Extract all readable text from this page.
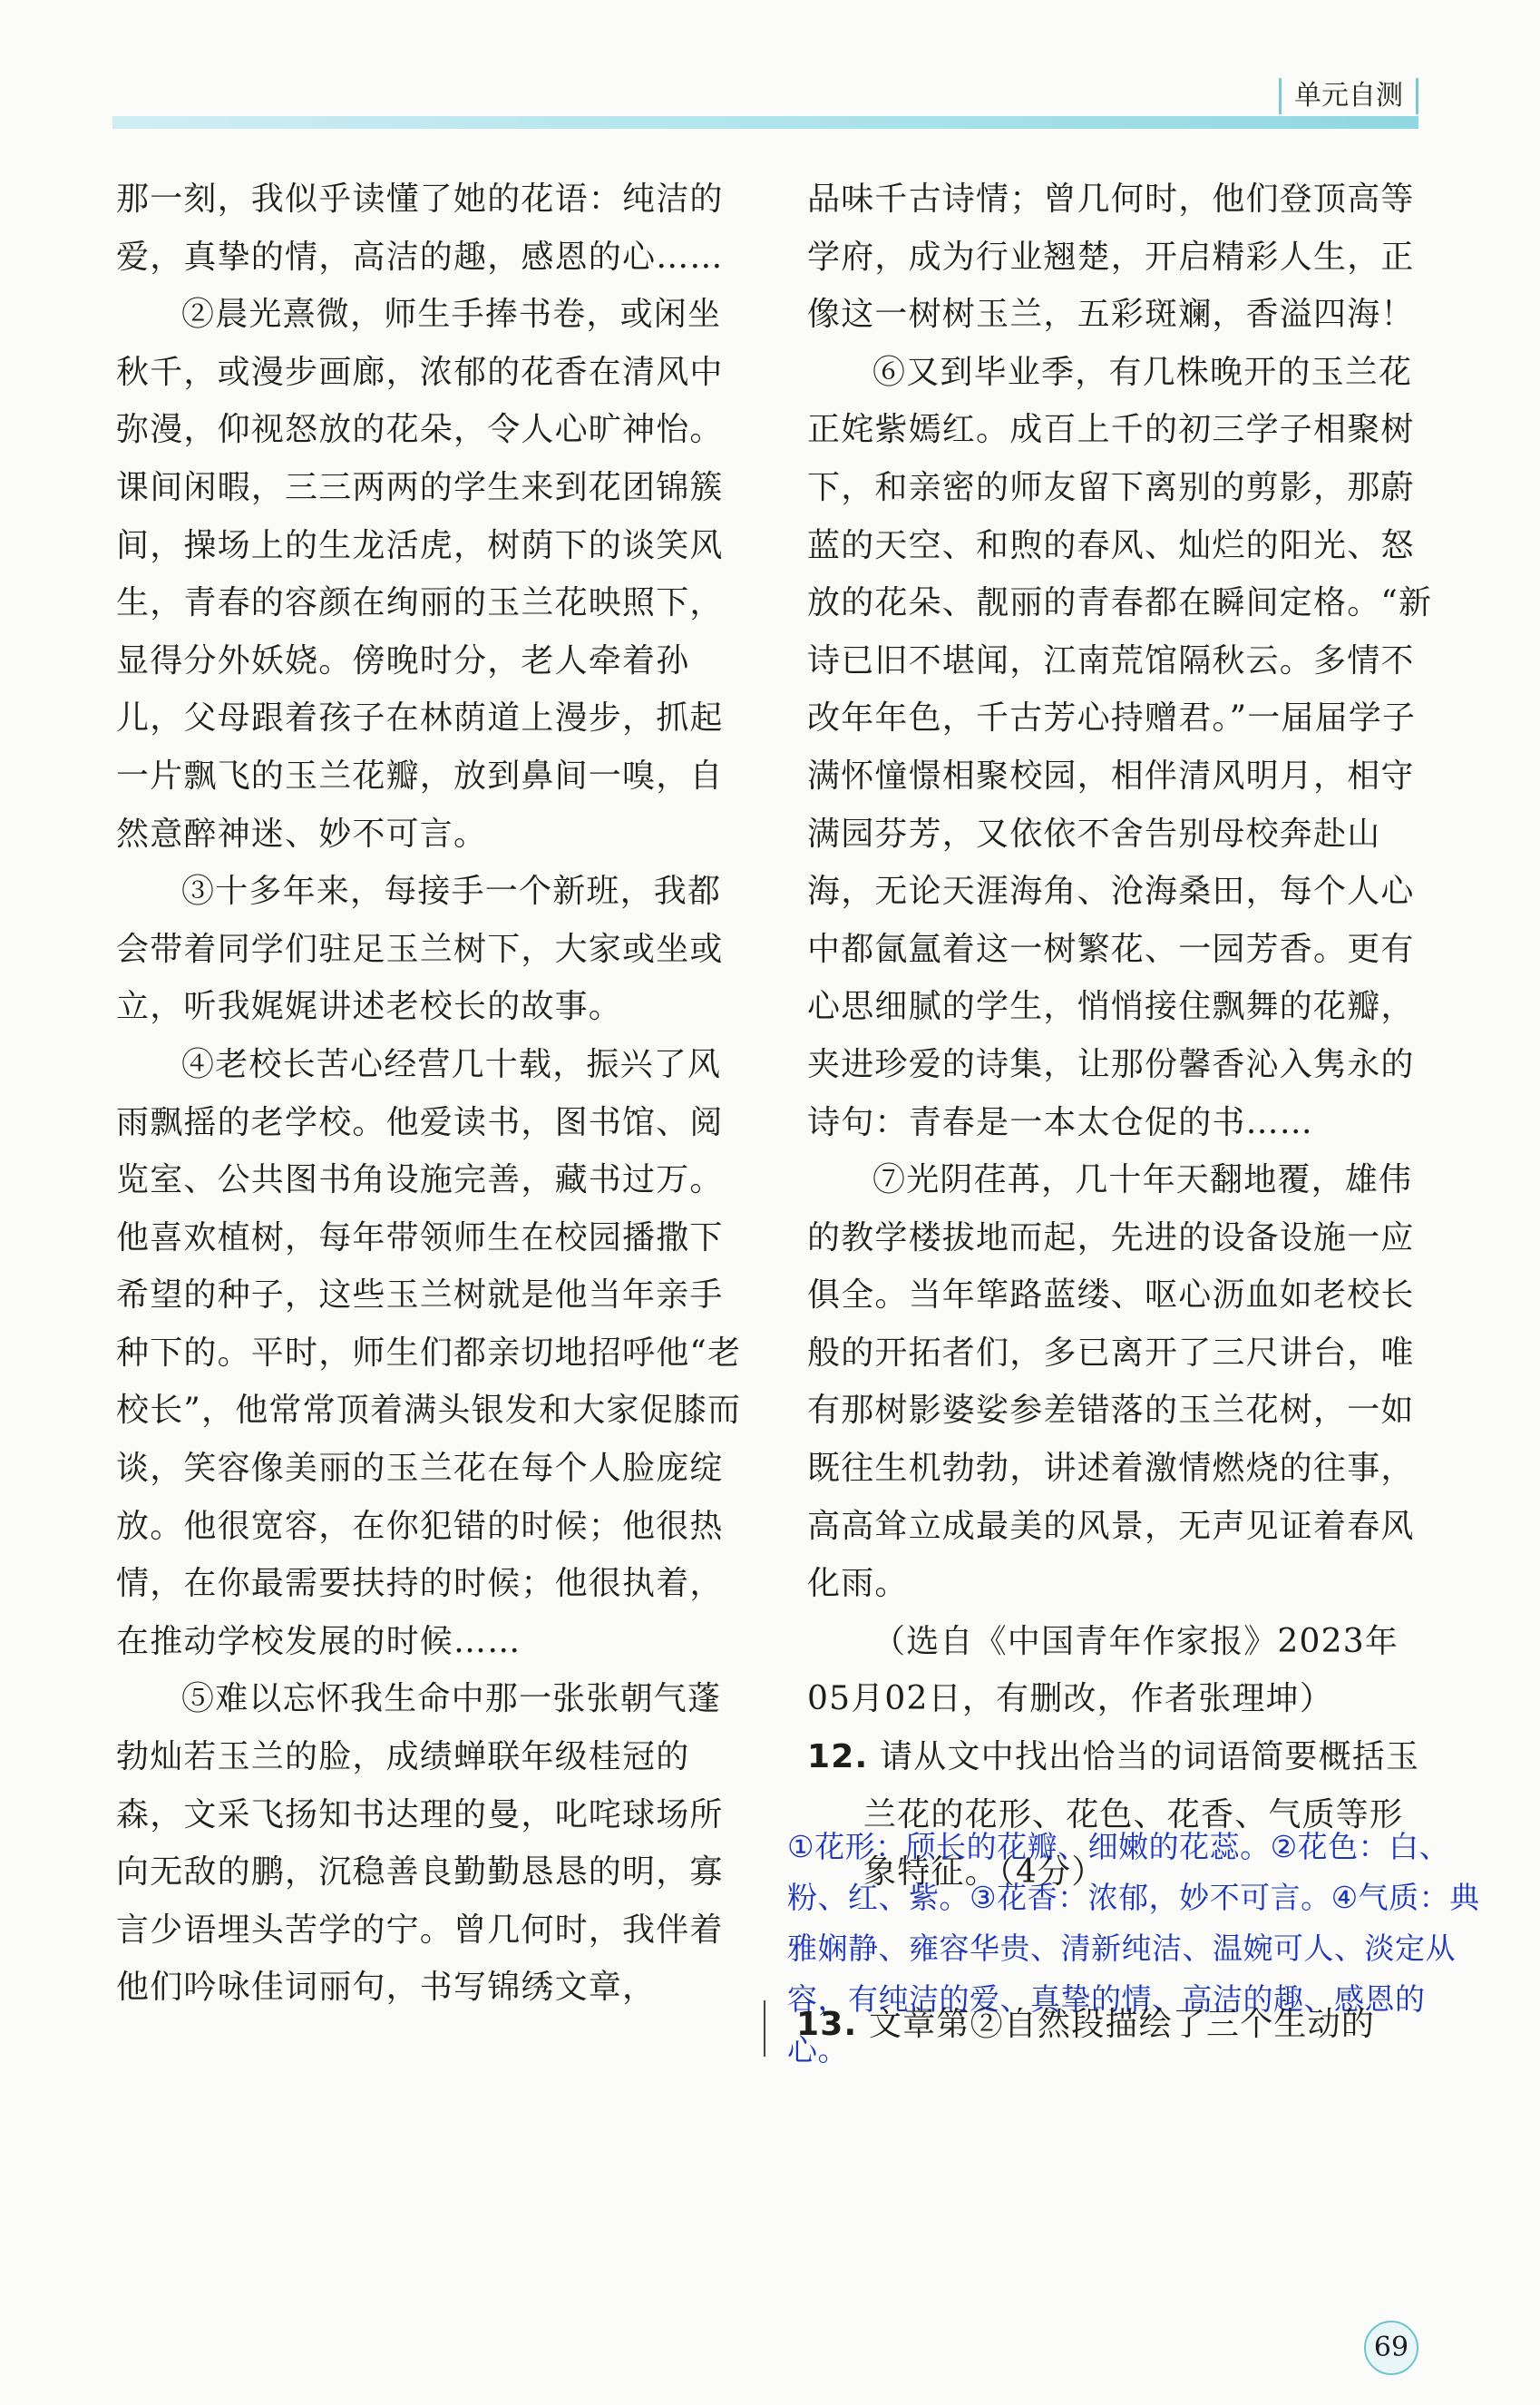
单元自测

那一刻，我似乎读懂了她的花语：纯洁的爱，真挚的情，高洁的趣，感恩的心……

②晨光熹微，师生手捧书卷，或闲坐秋千，或漫步画廊，浓郁的花香在清风中弥漫，仰视怒放的花朵，令人心旷神怡。课间闲暇，三三两两的学生来到花团锦簇间，操场上的生龙活虎，树荫下的谈笑风生，青春的容颜在绚丽的玉兰花映照下，显得分外妖娆。傍晚时分，老人牵着孙儿，父母跟着孩子在林荫道上漫步，抓起一片飘飞的玉兰花瓣，放到鼻间一嗅，自然意醉神迷、妙不可言。

③十多年来，每接手一个新班，我都会带着同学们驻足玉兰树下，大家或坐或立，听我娓娓讲述老校长的故事。

④老校长苦心经营几十载，振兴了风雨飘摇的老学校。他爱读书，图书馆、阅览室、公共图书角设施完善，藏书过万。他喜欢植树，每年带领师生在校园播撒下希望的种子，这些玉兰树就是他当年亲手种下的。平时，师生们都亲切地招呼他“老校长”，他常常顶着满头银发和大家促膝而谈，笑容像美丽的玉兰花在每个人脸庞绽放。他很宽容，在你犯错的时候；他很热情，在你最需要扶持的时候；他很执着，在推动学校发展的时候……

⑤难以忘怀我生命中那一张张朝气蓬勃灿若玉兰的脸，成绩蝉联年级桂冠的森，文采飞扬知书达理的曼，叱咤球场所向无敌的鹏，沉稳善良勤勤恳恳的明，寡言少语埋头苦学的宁。曾几何时，我伴着他们吟咏佳词丽句，书写锦绣文章，

品味千古诗情；曾几何时，他们登顶高等学府，成为行业翘楚，开启精彩人生，正像这一树树玉兰，五彩斑斓，香溢四海！

⑥又到毕业季，有几株晚开的玉兰花正姹紫嫣红。成百上千的初三学子相聚树下，和亲密的师友留下离别的剪影，那蔚蓝的天空、和煦的春风、灿烂的阳光、怒放的花朵、靓丽的青春都在瞬间定格。“新诗已旧不堪闻，江南荒馆隔秋云。多情不改年年色，千古芳心持赠君。”一届届学子满怀憧憬相聚校园，相伴清风明月，相守满园芬芳，又依依不舍告别母校奔赴山海，无论天涯海角、沧海桑田，每个人心中都氤氲着这一树繁花、一园芳香。更有心思细腻的学生，悄悄接住飘舞的花瓣，夹进珍爱的诗集，让那份馨香沁入隽永的诗句：青春是一本太仓促的书……

⑦光阴荏苒，几十年天翻地覆，雄伟的教学楼拔地而起，先进的设备设施一应俱全。当年筚路蓝缕、呕心沥血如老校长般的开拓者们，多已离开了三尺讲台，唯有那树影婆娑参差错落的玉兰花树，一如既往生机勃勃，讲述着激情燃烧的往事，高高耸立成最美的风景，无声见证着春风化雨。

（选自《中国青年作家报》2023年05月02日，有删改，作者张理坤）

12. 请从文中找出恰当的词语简要概括玉兰花的花形、花色、花香、气质等形象特征。（4分）

①花形：颀长的花瓣、细嫩的花蕊。②花色：白、粉、红、紫。③花香：浓郁，妙不可言。④气质：典雅娴静、雍容华贵、清新纯洁、温婉可人、淡定从容，有纯洁的爱、真挚的情、高洁的趣、感恩的心。
13. 文章第②自然段描绘了三个生动的
69
